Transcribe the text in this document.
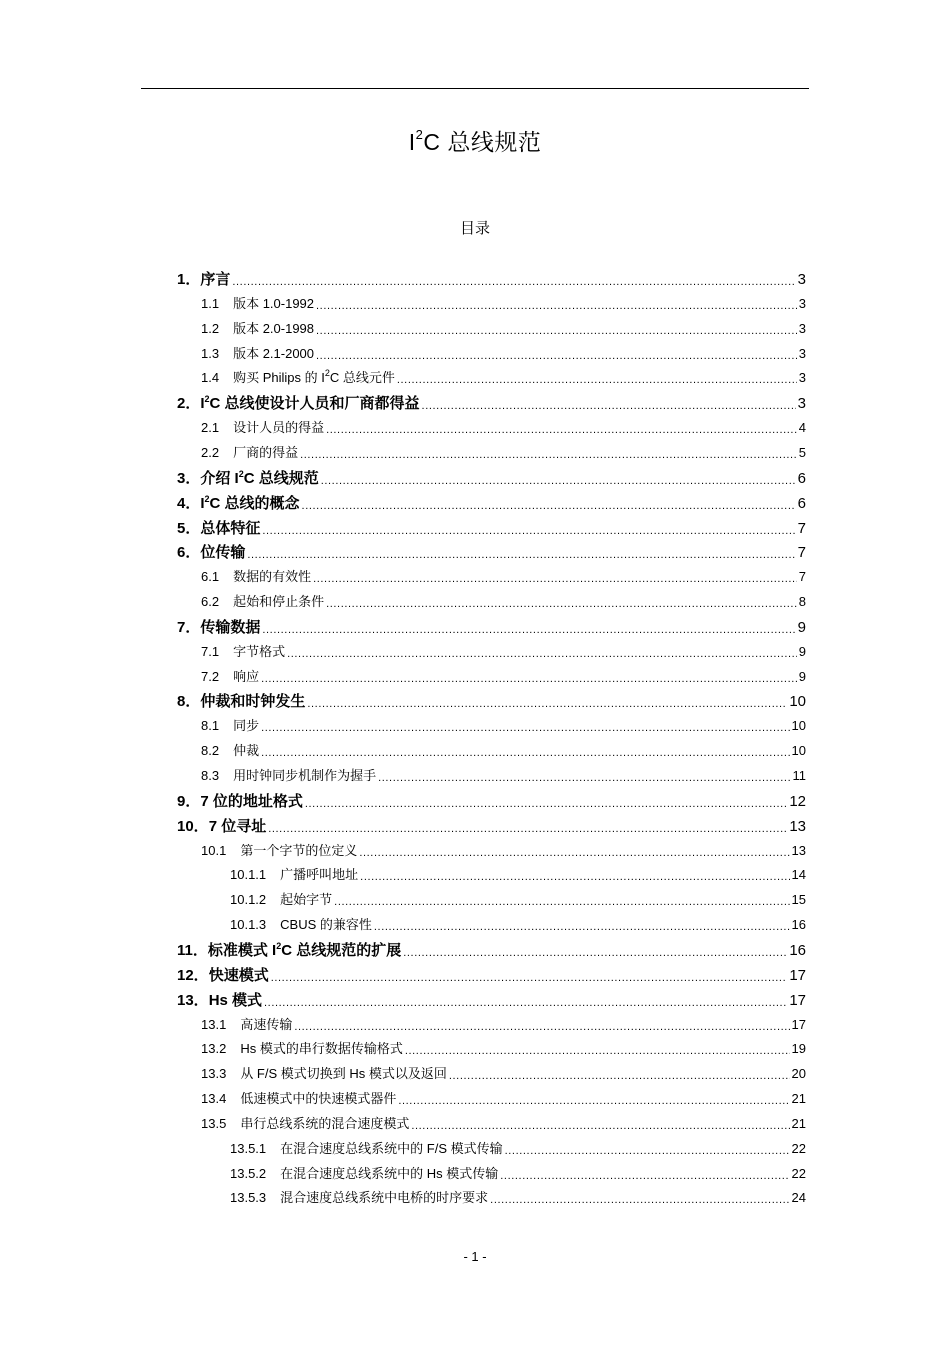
$I^2C$ 总线规范
目录
1． 序言 .....	3
1.1 版本 1.0-1992 .....	3
1.2 版本 2.0-1998 .....	3
1.3 版本 2.1-2000 .....	3
1.4 购买 Philips 的 $I^2C$ 总线元件 .....	3
2． $I^2C$ 总线使设计人员和厂商都得益 .....	3
2.1 设计人员的得益 .....	4
2.2 厂商的得益 .....	5
3． 介绍 $I^2C$ 总线规范 .....	6
4． $I^2C$ 总线的概念 .....	6
5． 总体特征 .....	7
6． 位传输 .....	7
6.1 数据的有效性 .....	7
6.2 起始和停止条件 .....	8
7． 传输数据 .....	9
7.1 字节格式 .....	9
7.2 响应 .....	9
8． 仲裁和时钟发生 .....	10
8.1 同步 .....	10
8.2 仲裁 .....	10
8.3 用时钟同步机制作为握手 .....	11
9． 7 位的地址格式 .....	12
10． 7 位寻址 .....	13
10.1 第一个字节的位定义 .....	13
10.1.1 广播呼叫地址 .....	14
10.1.2 起始字节 .....	15
10.1.3 CBUS 的兼容性 .....	16
11． 标准模式 $I^2C$ 总线规范的扩展 .....	16
12． 快速模式 .....	17
13． Hs 模式 .....	17
13.1 高速传输 .....	17
13.2 Hs 模式的串行数据传输格式 .....	19
13.3 从 F/S 模式切换到 Hs 模式以及返回 .....	20
13.4 低速模式中的快速模式器件 .....	21
13.5 串行总线系统的混合速度模式 .....	21
13.5.1 在混合速度总线系统中的 F/S 模式传输 .....	22
13.5.2 在混合速度总线系统中的 Hs 模式传输 .....	22
13.5.3 混合速度总线系统中电桥的时序要求 .....	24
- 1 -
